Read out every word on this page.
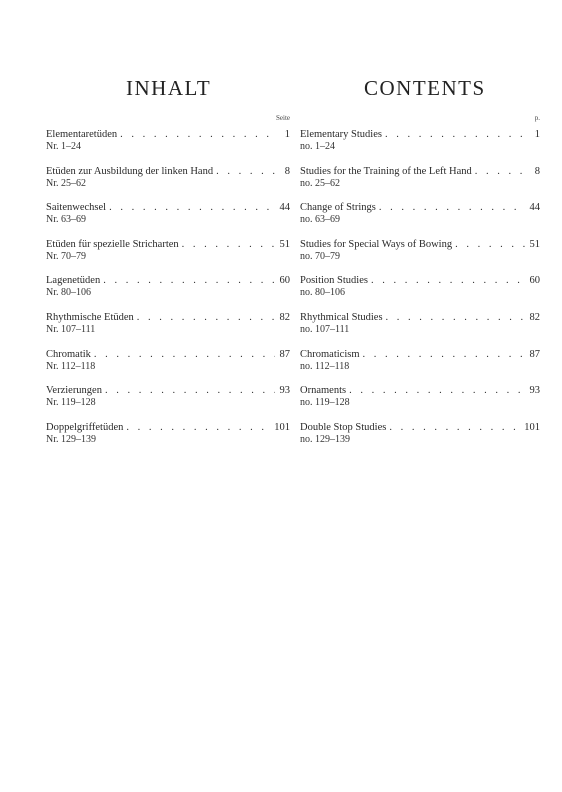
INHALT
Seite
Elementaretüden . . .	1
Nr. 1–24
Etüden zur Ausbildung der linken Hand . . .	8
Nr. 25–62
Saitenwechsel . . .	44
Nr. 63–69
Etüden für spezielle Stricharten . . .	51
Nr. 70–79
Lagenetüden . . .	60
Nr. 80–106
Rhythmische Etüden . . .	82
Nr. 107–111
Chromatik . . .	87
Nr. 112–118
Verzierungen . . .	93
Nr. 119–128
Doppelgriffetüden . . .	101
Nr. 129–139
CONTENTS
p.
Elementary Studies . . .	1
no. 1–24
Studies for the Training of the Left Hand . . .	8
no. 25–62
Change of Strings . . .	44
no. 63–69
Studies for Special Ways of Bowing . . .	51
no. 70–79
Position Studies . . .	60
no. 80–106
Rhythmical Studies . . .	82
no. 107–111
Chromaticism . . .	87
no. 112–118
Ornaments . . .	93
no. 119–128
Double Stop Studies . . .	101
no. 129–139
